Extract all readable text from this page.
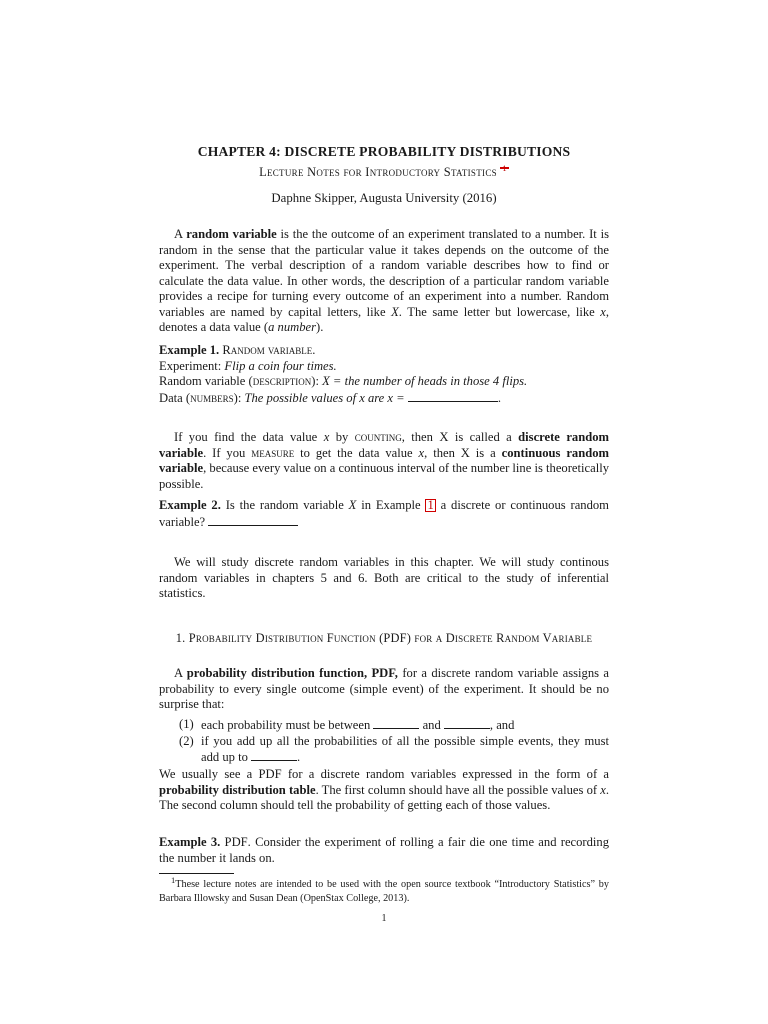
CHAPTER 4: DISCRETE PROBABILITY DISTRIBUTIONS
Lecture Notes for Introductory Statistics 1
Daphne Skipper, Augusta University (2016)
A random variable is the the outcome of an experiment translated to a number. It is random in the sense that the particular value it takes depends on the outcome of the experiment. The verbal description of a random variable describes how to find or calculate the data value. In other words, the description of a particular random variable provides a recipe for turning every outcome of an experiment into a number. Random variables are named by capital letters, like X. The same letter but lowercase, like x, denotes a data value (a number).
Example 1. Random variable.
Experiment: Flip a coin four times.
Random variable (description): X = the number of heads in those 4 flips.
Data (numbers): The possible values of x are x =	.
If you find the data value x by counting, then X is called a discrete random variable. If you measure to get the data value x, then X is a continuous random variable, because every value on a continuous interval of the number line is theoretically possible.
Example 2. Is the random variable X in Example 1 a discrete or continuous random variable?
We will study discrete random variables in this chapter. We will study continous random variables in chapters 5 and 6. Both are critical to the study of inferential statistics.
1. Probability Distribution Function (PDF) for a Discrete Random Variable
A probability distribution function, PDF, for a discrete random variable assigns a probability to every single outcome (simple event) of the experiment. It should be no surprise that:
(1) each probability must be between	and	, and
(2) if you add up all the probabilities of all the possible simple events, they must add up to	.
We usually see a PDF for a discrete random variables expressed in the form of a probability distribution table. The first column should have all the possible values of x. The second column should tell the probability of getting each of those values.
Example 3. PDF. Consider the experiment of rolling a fair die one time and recording the number it lands on.
$^1$These lecture notes are intended to be used with the open source textbook “Introductory Statistics” by Barbara Illowsky and Susan Dean (OpenStax College, 2013).
1
